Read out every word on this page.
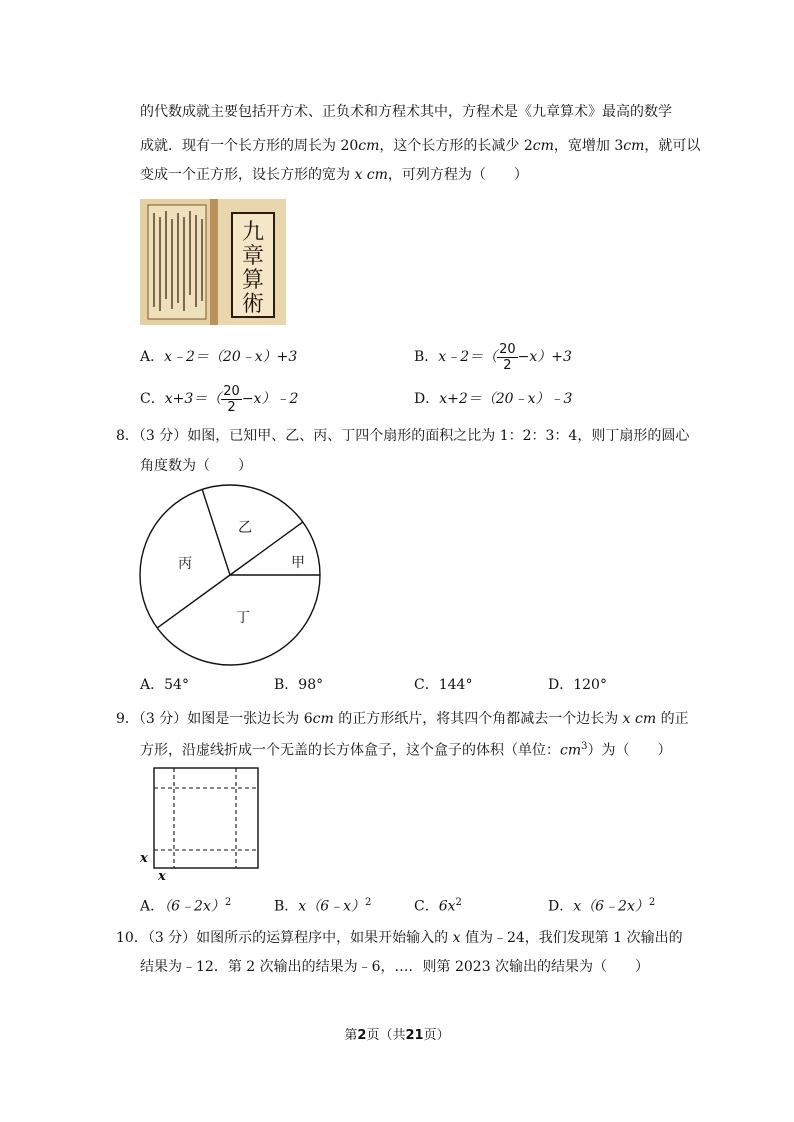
的代数成就主要包括开方术、正负术和方程术其中，方程术是《九章算术》最高的数学
成就．现有一个长方形的周长为 20cm，这个长方形的长减少 2cm，宽增加 3cm，就可以
变成一个正方形，设长方形的宽为 x cm，可列方程为（　　）
九
章
算
術
A．x﹣2＝（20﹣x）+3	B．x﹣2＝（ $\frac{20}{2} -x)+3$
C．$x+3=( \frac{20}{2}$ −x）﹣2	D．x+2＝（20﹣x）﹣3
8．（3 分）如图，已知甲、乙、丙、丁四个扇形的面积之比为 1：2：3：4，则丁扇形的圆心
角度数为（　　）
甲
乙
丙
丁
A．54°	B．98°	C．144°	D．120°
9．（3 分）如图是一张边长为 6cm 的正方形纸片，将其四个角都减去一个边长为 x cm 的正
方形，沿虚线折成一个无盖的长方体盒子，这个盒子的体积（单位：$cm^3$）为（　　）
x
x
A．（6﹣2x）$^2$	B．x（6﹣x）$^2$	C．$6x^2$	D．x（6﹣2x）$^2$
10．（3 分）如图所示的运算程序中，如果开始输入的 x 值为﹣24，我们发现第 1 次输出的
结果为﹣12．第 2 次输出的结果为﹣6，…．则第 2023 次输出的结果为（　　）
第2页（共21页）
